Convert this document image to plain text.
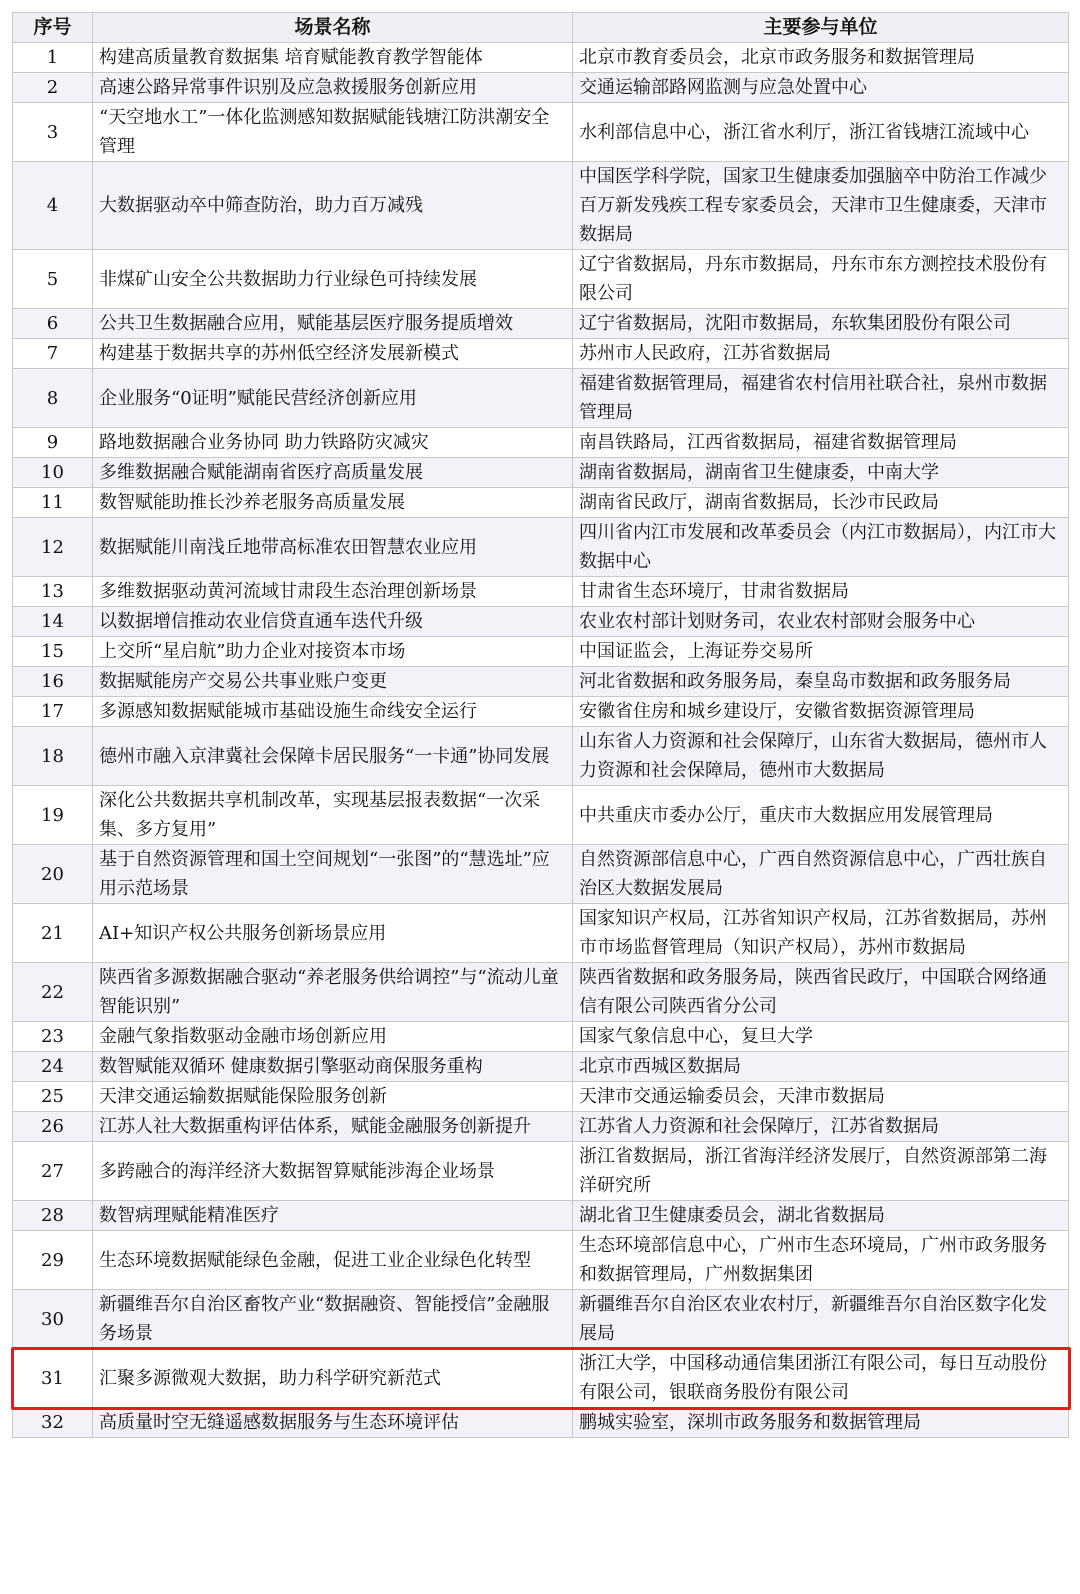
序号	场景名称	主要参与单位
1	构建高质量教育数据集 培育赋能教育教学智能体	北京市教育委员会，北京市政务服务和数据管理局
2	高速公路异常事件识别及应急救援服务创新应用	交通运输部路网监测与应急处置中心
3	“天空地水工”一体化监测感知数据赋能钱塘江防洪潮安全管理	水利部信息中心，浙江省水利厅，浙江省钱塘江流域中心
4	大数据驱动卒中筛查防治，助力百万减残	中国医学科学院，国家卫生健康委加强脑卒中防治工作减少百万新发残疾工程专家委员会，天津市卫生健康委，天津市数据局
5	非煤矿山安全公共数据助力行业绿色可持续发展	辽宁省数据局，丹东市数据局，丹东市东方测控技术股份有限公司
6	公共卫生数据融合应用，赋能基层医疗服务提质增效	辽宁省数据局，沈阳市数据局，东软集团股份有限公司
7	构建基于数据共享的苏州低空经济发展新模式	苏州市人民政府，江苏省数据局
8	企业服务“0证明”赋能民营经济创新应用	福建省数据管理局，福建省农村信用社联合社，泉州市数据管理局
9	路地数据融合业务协同 助力铁路防灾减灾	南昌铁路局，江西省数据局，福建省数据管理局
10	多维数据融合赋能湖南省医疗高质量发展	湖南省数据局，湖南省卫生健康委，中南大学
11	数智赋能助推长沙养老服务高质量发展	湖南省民政厅，湖南省数据局，长沙市民政局
12	数据赋能川南浅丘地带高标准农田智慧农业应用	四川省内江市发展和改革委员会（内江市数据局），内江市大数据中心
13	多维数据驱动黄河流域甘肃段生态治理创新场景	甘肃省生态环境厅，甘肃省数据局
14	以数据增信推动农业信贷直通车迭代升级	农业农村部计划财务司，农业农村部财会服务中心
15	上交所“星启航”助力企业对接资本市场	中国证监会，上海证券交易所
16	数据赋能房产交易公共事业账户变更	河北省数据和政务服务局，秦皇岛市数据和政务服务局
17	多源感知数据赋能城市基础设施生命线安全运行	安徽省住房和城乡建设厅，安徽省数据资源管理局
18	德州市融入京津冀社会保障卡居民服务“一卡通”协同发展	山东省人力资源和社会保障厅，山东省大数据局，德州市人力资源和社会保障局，德州市大数据局
19	深化公共数据共享机制改革，实现基层报表数据“一次采集、多方复用”	中共重庆市委办公厅，重庆市大数据应用发展管理局
20	基于自然资源管理和国土空间规划“一张图”的“慧选址”应用示范场景	自然资源部信息中心，广西自然资源信息中心，广西壮族自治区大数据发展局
21	AI+知识产权公共服务创新场景应用	国家知识产权局，江苏省知识产权局，江苏省数据局，苏州市市场监督管理局（知识产权局），苏州市数据局
22	陕西省多源数据融合驱动“养老服务供给调控”与“流动儿童智能识别”	陕西省数据和政务服务局，陕西省民政厅，中国联合网络通信有限公司陕西省分公司
23	金融气象指数驱动金融市场创新应用	国家气象信息中心，复旦大学
24	数智赋能双循环 健康数据引擎驱动商保服务重构	北京市西城区数据局
25	天津交通运输数据赋能保险服务创新	天津市交通运输委员会，天津市数据局
26	江苏人社大数据重构评估体系，赋能金融服务创新提升	江苏省人力资源和社会保障厅，江苏省数据局
27	多跨融合的海洋经济大数据智算赋能涉海企业场景	浙江省数据局，浙江省海洋经济发展厅，自然资源部第二海洋研究所
28	数智病理赋能精准医疗	湖北省卫生健康委员会，湖北省数据局
29	生态环境数据赋能绿色金融，促进工业企业绿色化转型	生态环境部信息中心，广州市生态环境局，广州市政务服务和数据管理局，广州数据集团
30	新疆维吾尔自治区畜牧产业“数据融资、智能授信”金融服务场景	新疆维吾尔自治区农业农村厅，新疆维吾尔自治区数字化发展局
31	汇聚多源微观大数据，助力科学研究新范式	浙江大学，中国移动通信集团浙江有限公司，每日互动股份有限公司，银联商务股份有限公司
32	高质量时空无缝遥感数据服务与生态环境评估	鹏城实验室，深圳市政务服务和数据管理局
